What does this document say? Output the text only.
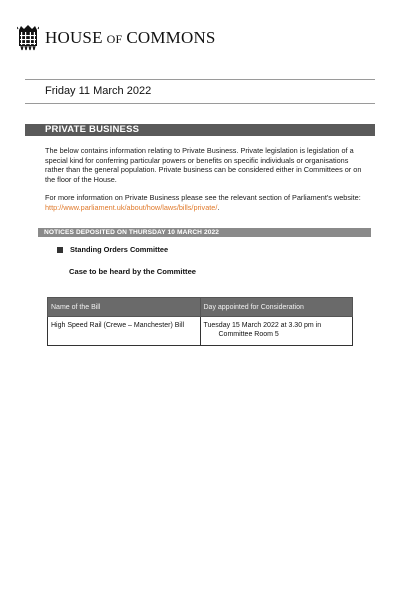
HOUSE OF COMMONS
Friday 11 March 2022
PRIVATE BUSINESS
The below contains information relating to Private Business. Private legislation is legislation of a special kind for conferring particular powers or benefits on specific individuals or organisations rather than the general population. Private business can be considered either in Committees or on the floor of the House.
For more information on Private Business please see the relevant section of Parliament's website: http://www.parliament.uk/about/how/laws/bills/private/.
NOTICES DEPOSITED ON THURSDAY 10 MARCH 2022
Standing Orders Committee
Case to be heard by the Committee
Name of the Bill	Day appointed for Consideration
High Speed Rail (Crewe – Manchester) Bill	Tuesday 15 March 2022 at 3.30 pm in
Committee Room 5
